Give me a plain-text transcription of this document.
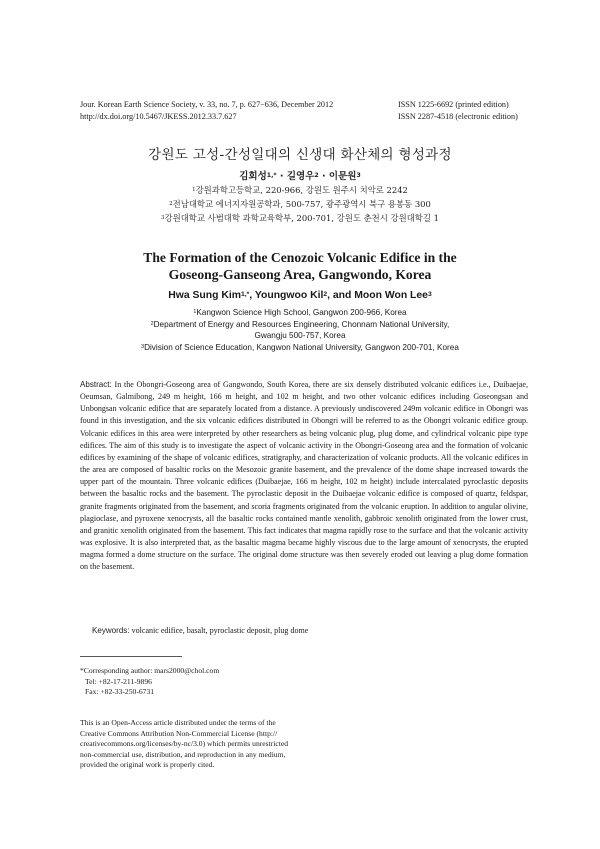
Jour. Korean Earth Science Society, v. 33, no. 7, p. 627−636, December 2012	ISSN 1225-6692 (printed edition)
http://dx.doi.org/10.5467/JKESS.2012.33.7.627	ISSN 2287-4518 (electronic edition)
강원도 고성-간성일대의 신생대 화산체의 형성과정
김회성$^{1,*}$ · 길영우$^2$ · 이문원$^3$
$^1$강원과학고등학교, 220-966, 강원도 원주시 치악로 2242
$^2$전남대학교 에너지자원공학과, 500-757, 광주광역시 북구 용봉동 300
$^3$강원대학교 사범대학 과학교육학부, 200-701, 강원도 춘천시 강원대학길 1
The Formation of the Cenozoic Volcanic Edifice in the
Goseong-Ganseong Area, Gangwondo, Korea
Hwa Sung Kim$^{1,*}$, Youngwoo Kil$^2$, and Moon Won Lee$^3$
$^1$Kangwon Science High School, Gangwon 200-966, Korea
$^2$Department of Energy and Resources Engineering, Chonnam National University,
Gwangju 500-757, Korea
$^3$Division of Science Education, Kangwon National University, Gangwon 200-701, Korea
Abstract: In the Obongri-Goseong area of Gangwondo, South Korea, there are six densely distributed volcanic edifices i.e., Duibaejae, Oeumsan, Galmibong, 249 m height, 166 m height, and 102 m height, and two other volcanic edifices including Goseongsan and Unbongsan volcanic edifice that are separately located from a distance. A previously undiscovered 249m volcanic edifice in Obongri was found in this investigation, and the six volcanic edifices distributed in Obongri will be referred to as the Obongri volcanic edifice group. Volcanic edifices in this area were interpreted by other researchers as being volcanic plug, plug dome, and cylindrical volcanic pipe type edifices. The aim of this study is to investigate the aspect of volcanic activity in the Obongri-Goseong area and the formation of volcanic edifices by examining of the shape of volcanic edifices, stratigraphy, and characterization of volcanic products. All the volcanic edifices in the area are composed of basaltic rocks on the Mesozoic granite basement, and the prevalence of the dome shape increased towards the upper part of the mountain. Three volcanic edifices (Duibaejae, 166 m height, 102 m height) include intercalated pyroclastic deposits between the basaltic rocks and the basement. The pyroclastic deposit in the Duibaejae volcanic edifice is composed of quartz, feldspar, granite fragments originated from the basement, and scoria fragments originated from the volcanic eruption. In addition to angular olivine, plagioclase, and pyroxene xenocrysts, all the basaltic rocks contained mantle xenolith, gabbroic xenolith originated from the lower crust, and granitic xenolith originated from the basement. This fact indicates that magma rapidly rose to the surface and that the volcanic activity was explosive. It is also interpreted that, as the basaltic magma became highly viscous due to the large amount of xenocrysts, the erupted magma formed a dome structure on the surface. The original dome structure was then severely eroded out leaving a plug dome formation on the basement.
Keywords: volcanic edifice, basalt, pyroclastic deposit, plug dome
*Corresponding author: mars2000@chol.com
Tel: +82-17-211-9896
Fax: +82-33-250-6731
This is an Open-Access article distributed under the terms of the
Creative Commons Attribution Non-Commercial License (http://
creativecommons.org/licenses/by-nc/3.0) which permits unrestricted
non-commercial use, distribution, and reproduction in any medium,
provided the original work is properly cited.
